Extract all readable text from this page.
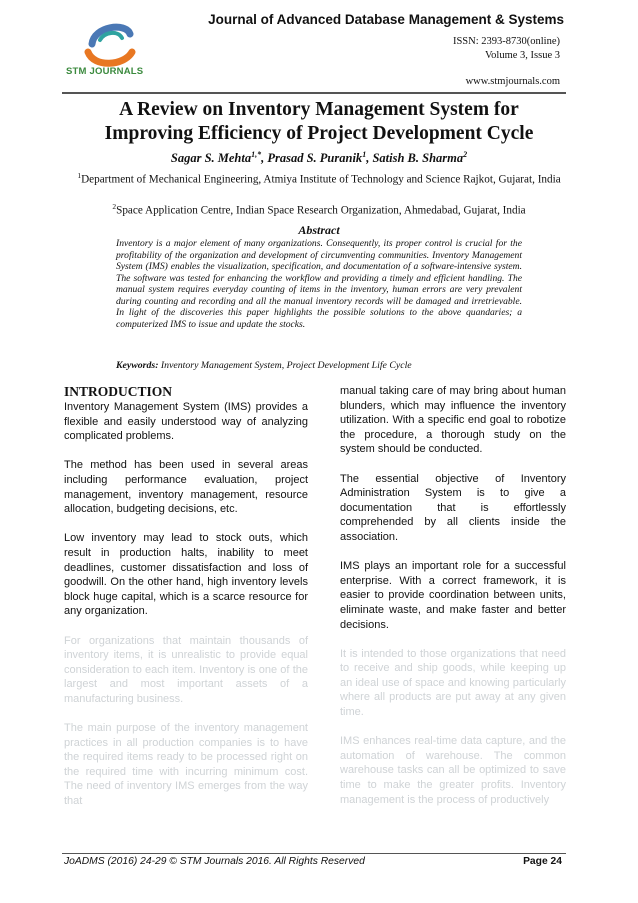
STM JOURNALS
Journal of Advanced Database Management & Systems
ISSN: 2393-8730(online)
Volume 3, Issue 3
www.stmjournals.com
A Review on Inventory Management System for
Improving Efficiency of Project Development Cycle
Sagar S. Mehta$^{1,*}$, Prasad S. Puranik$^1$, Satish B. Sharma$^2$
$^1$Department of Mechanical Engineering, Atmiya Institute of Technology and Science Rajkot, Gujarat, India
$^2$Space Application Centre, Indian Space Research Organization, Ahmedabad, Gujarat, India
Abstract
Inventory is a major element of many organizations. Consequently, its proper control is crucial for the profitability of the organization and development of circumventing communities. Inventory Management System (IMS) enables the visualization, specification, and documentation of a software-intensive system. The software was tested for enhancing the workflow and providing a timely and efficient handling. The manual system requires everyday counting of items in the inventory, human errors are very prevalent during counting and recording and all the manual inventory records will be damaged and irretrievable. In light of the discoveries this paper highlights the possible solutions to the above quandaries; a computerized IMS to issue and update the stocks.
Keywords: Inventory Management System, Project Development Life Cycle
INTRODUCTION

Inventory Management System (IMS) provides a flexible and easily understood way of analyzing complicated problems.

The method has been used in several areas including performance evaluation, project management, inventory management, resource allocation, budgeting decisions, etc.

Low inventory may lead to stock outs, which result in production halts, inability to meet deadlines, customer dissatisfaction and loss of goodwill. On the other hand, high inventory levels block huge capital, which is a scarce resource for any organization.

For organizations that maintain thousands of inventory items, it is unrealistic to provide equal consideration to each item. Inventory is one of the largest and most important assets of a manufacturing business.

The main purpose of the inventory management practices in all production companies is to have the required items ready to be processed right on the required time with incurring minimum cost. The need of inventory IMS emerges from the way that

manual taking care of may bring about human blunders, which may influence the inventory utilization. With a specific end goal to robotize the procedure, a thorough study on the system should be conducted.

The essential objective of Inventory Administration System is to give a documentation that is effortlessly comprehended by all clients inside the association.

IMS plays an important role for a successful enterprise. With a correct framework, it is easier to provide coordination between units, eliminate waste, and make faster and better decisions.

It is intended to those organizations that need to receive and ship goods, while keeping up an ideal use of space and knowing particularly where all products are put away at any given time.

IMS enhances real-time data capture, and the automation of warehouse. The common warehouse tasks can all be optimized to save time to make the greater profits. Inventory management is the process of productively

JoADMS (2016) 24-29 © STM Journals 2016. All Rights Reserved	Page 24
